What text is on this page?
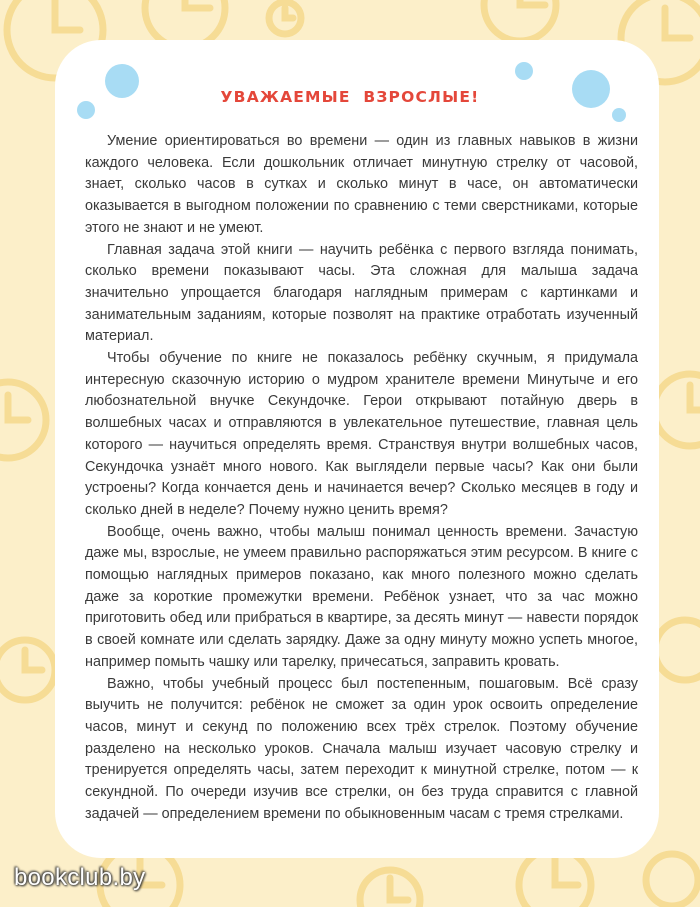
УВАЖАЕМЫЕ ВЗРОСЛЫЕ!

Умение ориентироваться во времени — один из главных навыков в жизни каждого человека. Если дошкольник отличает минутную стрелку от часовой, знает, сколько часов в сутках и сколько минут в часе, он автоматически оказывается в выгодном положении по сравнению с теми сверстниками, которые этого не знают и не умеют.

Главная задача этой книги — научить ребёнка с первого взгляда понимать, сколько времени показывают часы. Эта сложная для малыша задача значительно упрощается благодаря наглядным примерам с картинками и занимательным заданиям, которые позволят на практике отработать изученный материал.

Чтобы обучение по книге не показалось ребёнку скучным, я придумала интересную сказочную историю о мудром хранителе времени Минутыче и его любознательной внучке Секундочке. Герои открывают потайную дверь в волшебных часах и отправляются в увлекательное путешествие, главная цель которого — научиться определять время. Странствуя внутри волшебных часов, Секундочка узнаёт много нового. Как выглядели первые часы? Как они были устроены? Когда кончается день и начинается вечер? Сколько месяцев в году и сколько дней в неделе? Почему нужно ценить время?

Вообще, очень важно, чтобы малыш понимал ценность времени. Зачастую даже мы, взрослые, не умеем правильно распоряжаться этим ресурсом. В книге с помощью наглядных примеров показано, как много полезного можно сделать даже за короткие промежутки времени. Ребёнок узнает, что за час можно приготовить обед или прибраться в квартире, за десять минут — навести порядок в своей комнате или сделать зарядку. Даже за одну минуту можно успеть многое, например помыть чашку или тарелку, причесаться, заправить кровать.

Важно, чтобы учебный процесс был постепенным, пошаговым. Всё сразу выучить не получится: ребёнок не сможет за один урок освоить определение часов, минут и секунд по положению всех трёх стрелок. Поэтому обучение разделено на несколько уроков. Сначала малыш изучает часовую стрелку и тренируется определять часы, затем переходит к минутной стрелке, потом — к секундной. По очереди изучив все стрелки, он без труда справится с главной задачей — определением времени по обыкновенным часам с тремя стрелками.

bookclub.by
